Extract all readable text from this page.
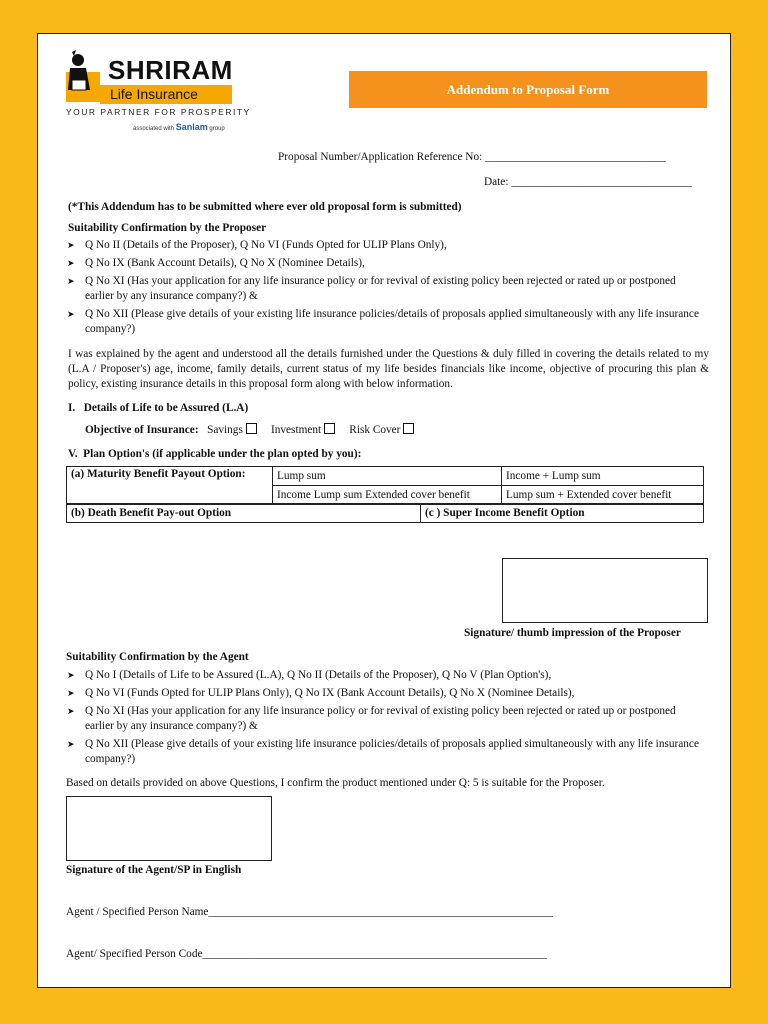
SHRIRAM
Life Insurance
YOUR PARTNER FOR PROSPERITY
associated with Sanlam group
Addendum to Proposal Form
Proposal Number/Application Reference No: ________________________________
Date: ________________________________
(*This Addendum has to be submitted where ever old proposal form is submitted)
Suitability Confirmation by the Proposer
➤ Q No II (Details of the Proposer), Q No VI (Funds Opted for ULIP Plans Only),
➤ Q No IX (Bank Account Details), Q No X (Nominee Details),
➤ Q No XI (Has your application for any life insurance policy or for revival of existing policy been rejected or rated up or postponed earlier by any insurance company?) &
➤ Q No XII (Please give details of your existing life insurance policies/details of proposals applied simultaneously with any life insurance company?)
I was explained by the agent and understood all the details furnished under the Questions & duly filled in covering the details related to my (L.A / Proposer's) age, income, family details, current status of my life besides financials like income, objective of procuring this plan & policy, existing insurance details in this proposal form along with below information.
I.   Details of Life to be Assured (L.A)
Objective of Insurance: Savings Investment Risk Cover
V.  Plan Option's (if applicable under the plan opted by you):
(a) Maturity Benefit Payout Option:	Lump sum	Income + Lump sum
	Income Lump sum Extended cover benefit	Lump sum + Extended cover benefit
(b) Death Benefit Pay-out Option	(c ) Super Income Benefit Option
Signature/ thumb impression of the Proposer
Suitability Confirmation by the Agent
➤ Q No I (Details of Life to be Assured (L.A), Q No II (Details of the Proposer), Q No V (Plan Option's),
➤ Q No VI (Funds Opted for ULIP Plans Only), Q No IX (Bank Account Details), Q No X (Nominee Details),
➤ Q No XI (Has your application for any life insurance policy or for revival of existing policy been rejected or rated up or postponed earlier by any insurance company?) &
➤ Q No XII (Please give details of your existing life insurance policies/details of proposals applied simultaneously with any life insurance company?)
Based on details provided on above Questions, I confirm the product mentioned under Q: 5 is suitable for the Proposer.
Signature of the Agent/SP in English
Agent / Specified Person Name_____________________________________________________________
Agent/ Specified Person Code_____________________________________________________________
